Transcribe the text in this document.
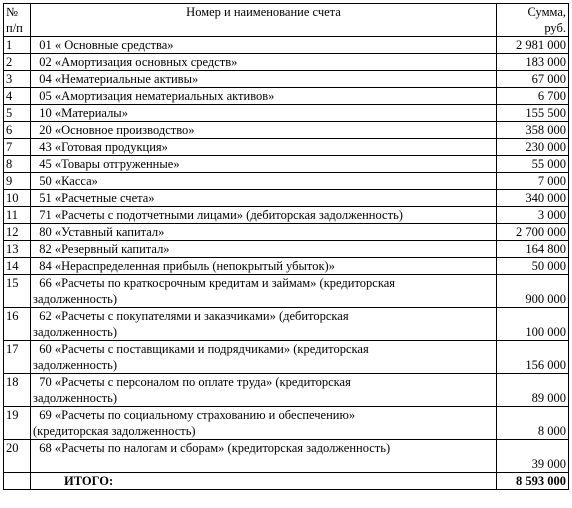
№
п/п	Номер и наименование счета	Сумма,
руб.
1	01 « Основные средства»	2 981 000
2	02 «Амортизация основных средств»	183 000
3	04 «Нематериальные активы»	67 000
4	05 «Амортизация нематериальных активов»	6 700
5	10 «Материалы»	155 500
6	20 «Основное производство»	358 000
7	43 «Готовая продукция»	230 000
8	45 «Товары отгруженные»	55 000
9	50 «Касса»	7 000
10	51 «Расчетные счета»	340 000
11	71 «Расчеты с подотчетными лицами» (дебиторская задолженность)	3 000
12	80 «Уставный капитал»	2 700 000
13	82 «Резервный капитал»	164 800
14	84 «Нераспределенная прибыль (непокрытый убыток)»	50 000
15	66 «Расчеты по краткосрочным кредитам и займам» (кредиторская
задолженность)	900 000
16	62 «Расчеты с покупателями и заказчиками» (дебиторская
задолженность)	100 000
17	60 «Расчеты с поставщиками и подрядчиками» (кредиторская
задолженность)	156 000
18	70 «Расчеты с персоналом по оплате труда» (кредиторская
задолженность)	89 000
19	69 «Расчеты по социальному страхованию и обеспечению»
(кредиторская задолженность)	8 000
20	68 «Расчеты по налогам и сборам» (кредиторская задолженность)	39 000
	ИТОГО:	8 593 000
